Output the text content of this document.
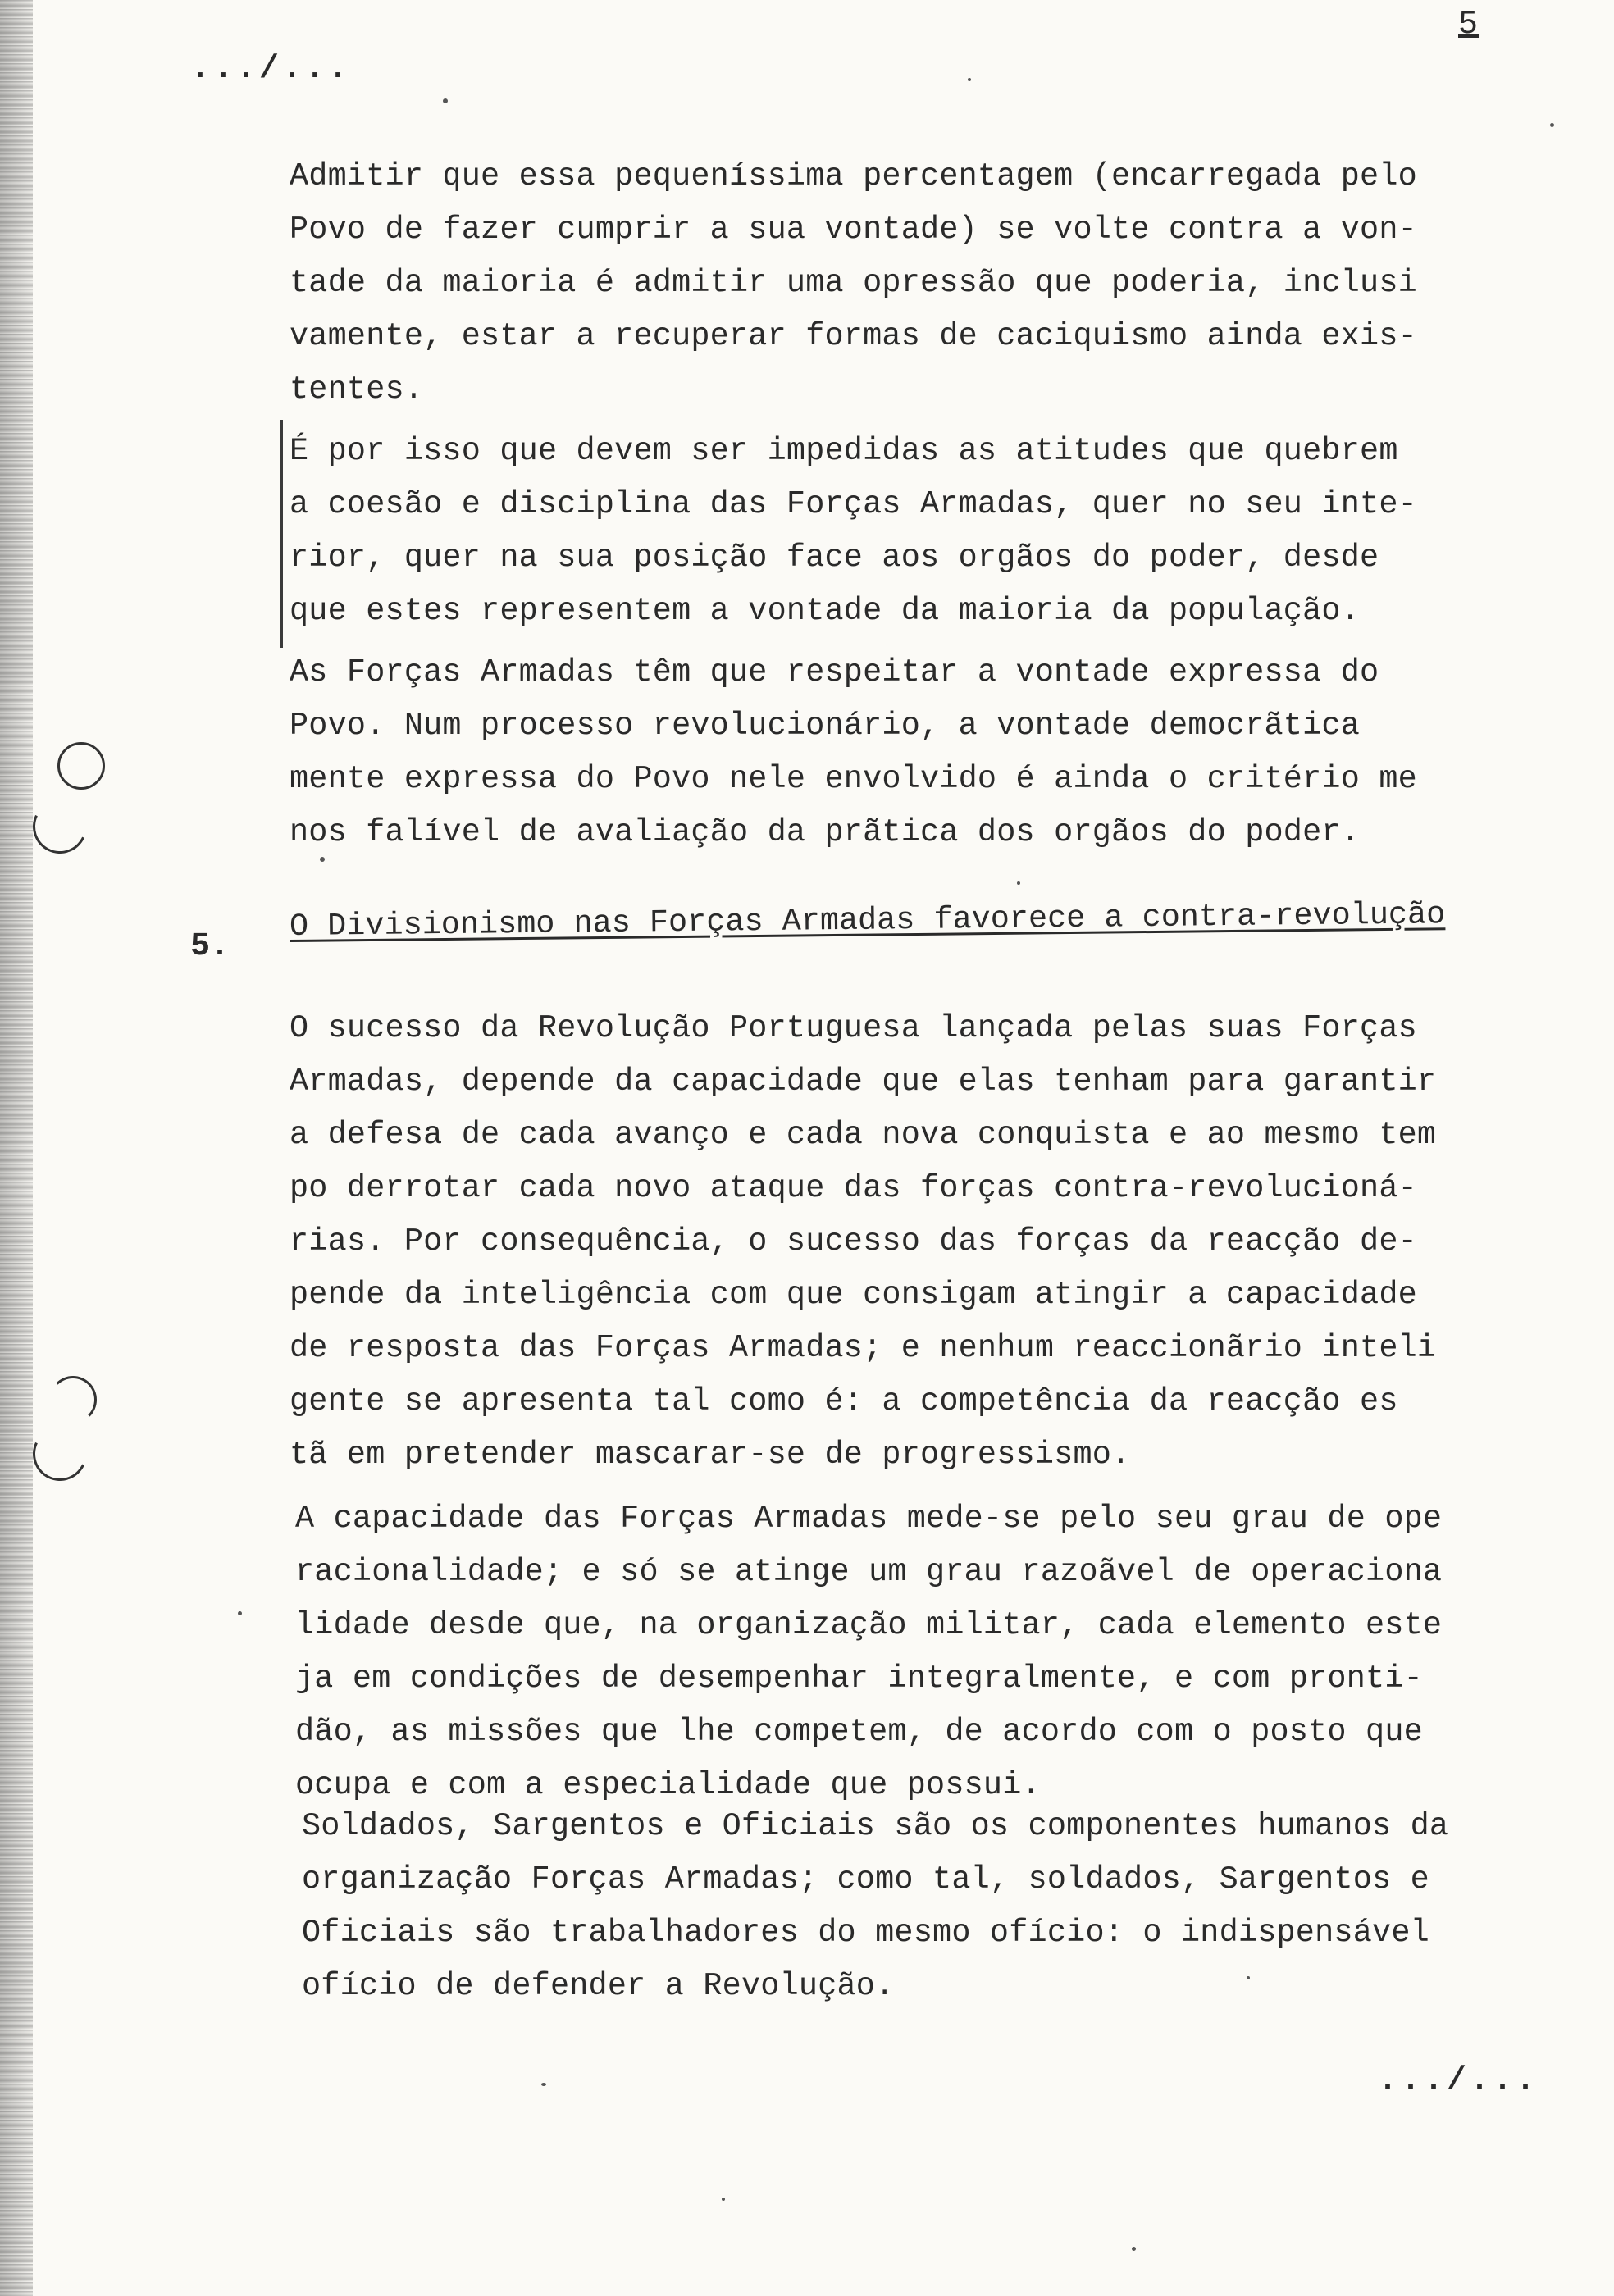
5
.../...
Admitir que essa pequeníssima percentagem (encarregada pelo
Povo de fazer cumprir a sua vontade) se volte contra a von-
tade da maioria é admitir uma opressão que poderia, inclusi
vamente, estar a recuperar formas de caciquismo ainda exis-
tentes.
É por isso que devem ser impedidas as atitudes que quebrem
a coesão e disciplina das Forças Armadas, quer no seu inte-
rior, quer na sua posição face aos orgãos do poder, desde
que estes representem a vontade da maioria da população.
As Forças Armadas têm que respeitar a vontade expressa do
Povo. Num processo revolucionário, a vontade democrãtica
mente expressa do Povo nele envolvido é ainda o critério me
nos falível de avaliação da prãtica dos orgãos do poder.
5.
O Divisionismo nas Forças Armadas favorece a contra-revolução
O sucesso da Revolução Portuguesa lançada pelas suas Forças
Armadas, depende da capacidade que elas tenham para garantir
a defesa de cada avanço e cada nova conquista e ao mesmo tem
po derrotar cada novo ataque das forças contra-revolucioná-
rias. Por consequência, o sucesso das forças da reacção de-
pende da inteligência com que consigam atingir a capacidade
de resposta das Forças Armadas; e nenhum reaccionãrio inteli
gente se apresenta tal como é: a competência da reacção es
tã em pretender mascarar-se de progressismo.
A capacidade das Forças Armadas mede-se pelo seu grau de ope
racionalidade; e só se atinge um grau razoãvel de operaciona
lidade desde que, na organização militar, cada elemento este
ja em condições de desempenhar integralmente, e com pronti-
dão, as missões que lhe competem, de acordo com o posto que
ocupa e com a especialidade que possui.
Soldados, Sargentos e Oficiais são os componentes humanos da
organização Forças Armadas; como tal, soldados, Sargentos e
Oficiais são trabalhadores do mesmo ofício: o indispensável
ofício de defender a Revolução.
.../...
